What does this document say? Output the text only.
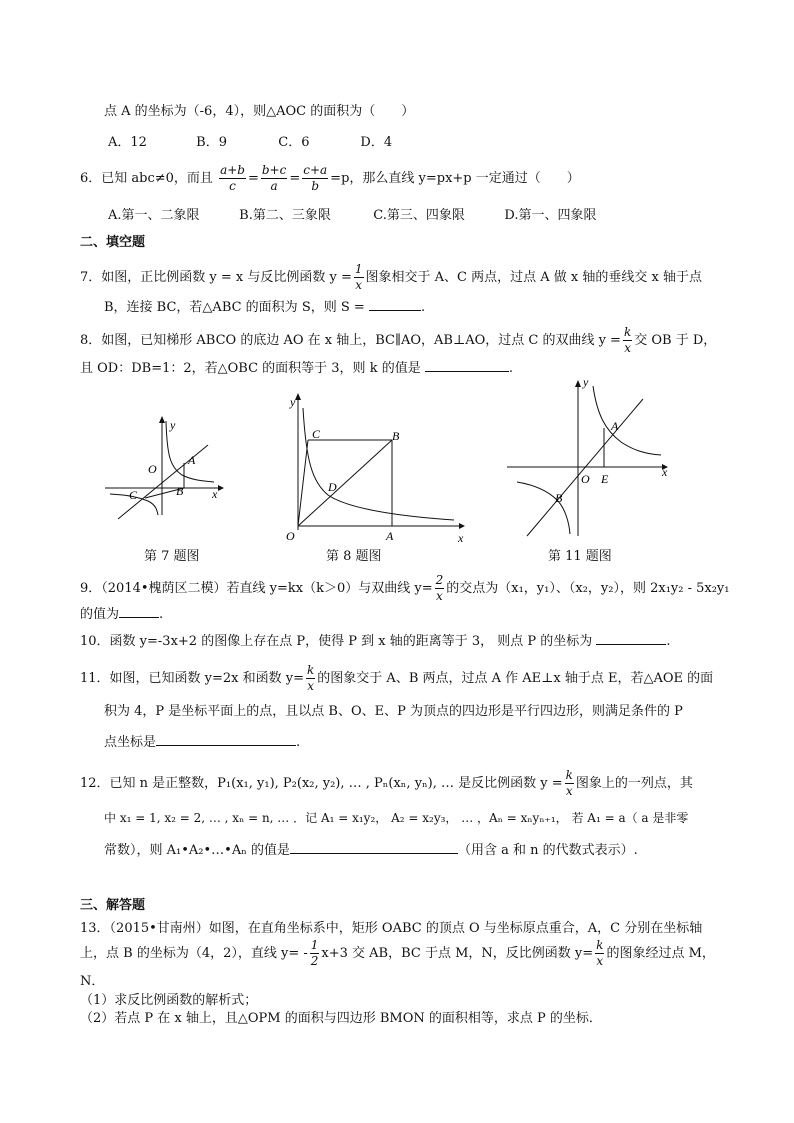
点 A 的坐标为（-6，4），则△AOC 的面积为（　　）
A．12	B．9	C．6	D．4
6．已知 abc≠0，而且 $\frac{a+b}{c} = \frac{b+c}{a} = \frac{c+a}{b} =p$，那么直线 y=px+p 一定通过（　　）
A.第一、二象限	B.第二、三象限	C.第三、四象限	D.第一、四象限
二、填空题
7．如图，正比例函数 y = x 与反比例函数 $y = \frac{1}{x}$ 图象相交于 A、C 两点，过点 A 做 x 轴的垂线交 x 轴于点
B，连接 BC，若△ABC 的面积为 S，则 S =	.
8．如图，已知梯形 ABCO 的底边 AO 在 x 轴上，BC∥AO，AB⊥AO，过点 C 的双曲线 $y = \frac{k}{x}$ 交 OB 于 D，
且 OD：DB=1：2，若△OBC 的面积等于 3，则 k 的值是	.
y
x
O
A
B
C
第 7 题图
y
x
O	A
B
C
D
第 8 题图
y
x
O E
A
B
第 11 题图
9．（2014•槐荫区二模）若直线 y=kx（k＞0）与双曲线 $y= \frac{2}{x}$ 的交点为（x₁，y₁）、（x₂，y₂），则 2x₁y₂ - 5x₂y₁
的值为	.
10．函数 y=-3x+2 的图像上存在点 P，使得 P 到 x 轴的距离等于 3， 则点 P 的坐标为	.
11．如图，已知函数 y=2x 和函数 $y= \frac{k}{x}$ 的图象交于 A、B 两点，过点 A 作 AE⊥x 轴于点 E，若△AOE 的面
积为 4，P 是坐标平面上的点，且以点 B、O、E、P 为顶点的四边形是平行四边形，则满足条件的 P
点坐标是	.
12．已知 n 是正整数，P₁(x₁, y₁), P₂(x₂, y₂), … , Pₙ(xₙ, yₙ), … 是反比例函数 $y = \frac{k}{x}$ 图象上的一列点，其
中 x₁ = 1, x₂ = 2, … , xₙ = n, … ．记 A₁ = x₁y₂， A₂ = x₂y₃， … ，Aₙ = xₙyₙ₊₁， 若 A₁ = a（ a 是非零
常数），则 A₁•A₂•…•Aₙ 的值是	（用含 a 和 n 的代数式表示）.
三、解答题
13．（2015•甘南州）如图，在直角坐标系中，矩形 OABC 的顶点 O 与坐标原点重合，A，C 分别在坐标轴
上，点 B 的坐标为（4，2），直线 $y= - \frac{1}{2} x+3$ 交 AB，BC 于点 M，N，反比例函数 $y= \frac{k}{x}$ 的图象经过点 M，
N．
（1）求反比例函数的解析式；
（2）若点 P 在 x 轴上，且△OPM 的面积与四边形 BMON 的面积相等，求点 P 的坐标．
